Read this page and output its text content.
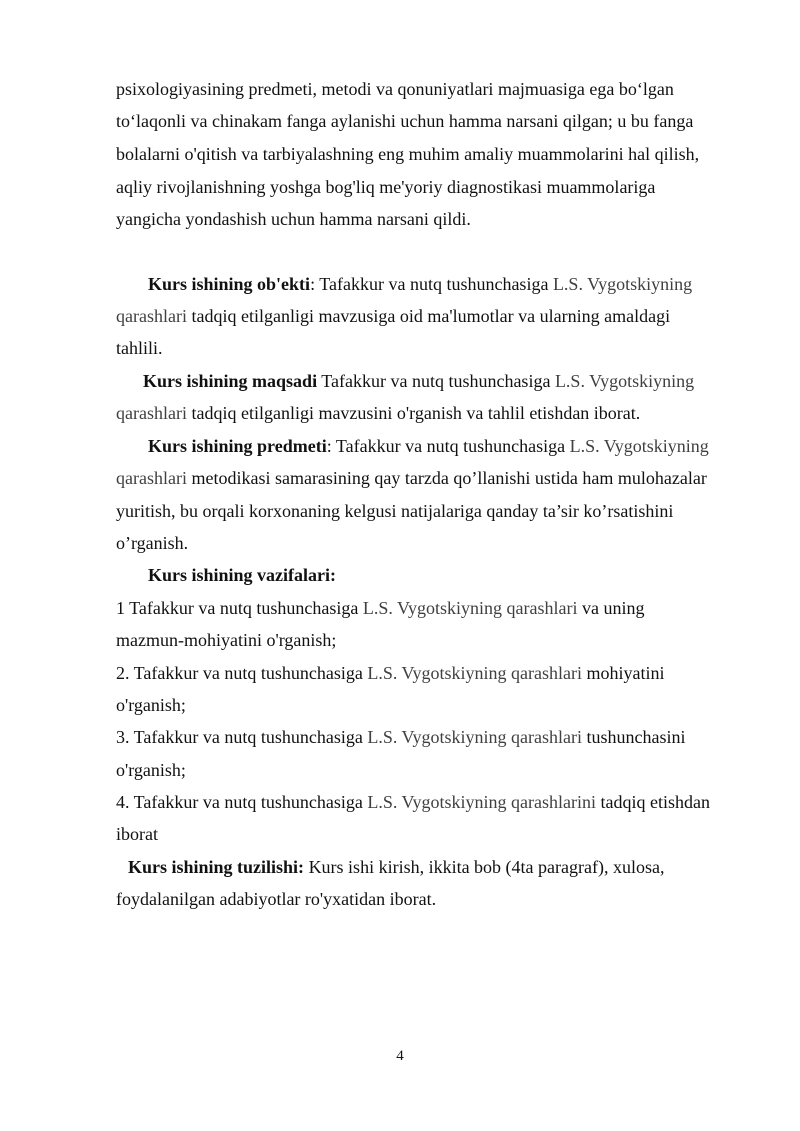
psixologiyasining predmeti, metodi va qonuniyatlari majmuasiga ega bo‘lgan
to‘laqonli va chinakam fanga aylanishi uchun hamma narsani qilgan; u bu fanga
bolalarni o'qitish va tarbiyalashning eng muhim amaliy muammolarini hal qilish,
aqliy rivojlanishning yoshga bog'liq me'yoriy diagnostikasi muammolariga
yangicha yondashish uchun hamma narsani qildi.
Kurs ishining ob'ekti: Tafakkur va nutq tushunchasiga L.S. Vygotskiyning
qarashlari tadqiq etilganligi mavzusiga oid ma'lumotlar va ularning amaldagi
tahlili.
Kurs ishining maqsadi Tafakkur va nutq tushunchasiga L.S. Vygotskiyning
qarashlari tadqiq etilganligi mavzusini o'rganish va tahlil etishdan iborat.
Kurs ishining predmeti: Tafakkur va nutq tushunchasiga L.S. Vygotskiyning
qarashlari metodikasi samarasining qay tarzda qo’llanishi ustida ham mulohazalar
yuritish, bu orqali korxonaning kelgusi natijalariga qanday ta’sir ko’rsatishini
o’rganish.
Kurs ishining vazifalari:
1 Tafakkur va nutq tushunchasiga L.S. Vygotskiyning qarashlari va uning
mazmun-mohiyatini o'rganish;
2. Tafakkur va nutq tushunchasiga L.S. Vygotskiyning qarashlari mohiyatini
o'rganish;
3. Tafakkur va nutq tushunchasiga L.S. Vygotskiyning qarashlari tushunchasini
o'rganish;
4. Tafakkur va nutq tushunchasiga L.S. Vygotskiyning qarashlarini tadqiq etishdan
iborat
Kurs ishining tuzilishi: Kurs ishi kirish, ikkita bob (4ta paragraf), xulosa,
foydalanilgan adabiyotlar ro'yxatidan iborat.
4
